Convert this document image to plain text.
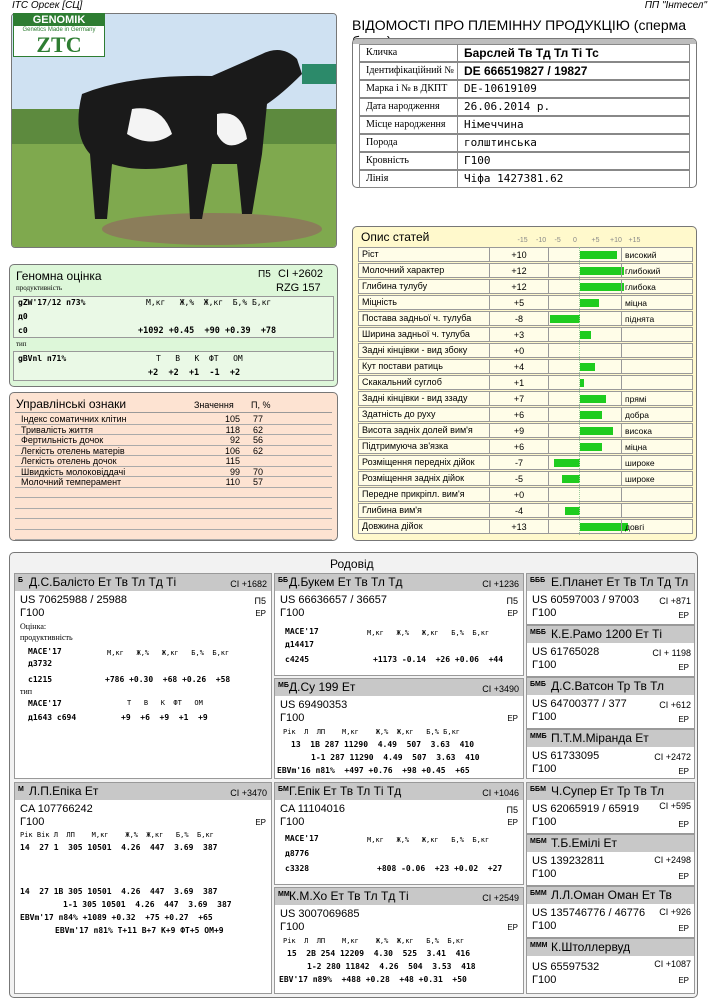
ІТС Орсек [СЦ]	ПП "Інтесел"
GENOMIK
Genetics Made in Germany
ZTC
ВІДОМОСТІ ПРО ПЛЕМІННУ ПРОДУКЦІЮ (сперма
Кличка	Барслей Тв Тд Тл Ті Тс
Ідентифікаційний № DE 666519827 / 19827
Марка і № в ДКПТ	DE-10619109
Дата народження	26.06.2014 р.
Місце народження	Німеччина
Порода	голштинська
Кровність	Г100
Лінія	Чіфа 1427381.62
Геномна оцінка	П5 CI +2602
продуктивність	RZG 157
gZW'17/12 п73%	М,кг   Ж,%  Ж,кг  Б,% Б,кг
д0
с0	+1092 +0.45  +90 +0.39  +78
тип
gBVnl п71%	Т   В   К  ФТ   ОМ
+2  +2  +1  -1  +2
Управлінські ознаки	Значення П, %
Індекс соматичних клітин	105 77
Тривалість життя	118 62
Фертильність дочок	92 56
Легкість отелень матерів	106 62
Легкість отелень дочок	115
Швидкість молоковіддачі	99 70
Молочний темперамент	110 57
Опис статей	-15 -10 -5 0 +5 +10 +15
Ріст	+10	високий
Молочний характер	+12	глибокий
Глибина тулубу	+12	глибока
Міцність	+5	міцна
Постава задньої ч. тулуба	-8	піднята
Ширина задньої ч. тулуба	+3
Задні кінцівки - вид збоку	+0
Кут постави ратиць	+4
Скакальний суглоб	+1
Задні кінцівки - вид ззаду	+7	прямі
Здатність до руху	+6	добра
Висота задніх долей вим'я	+9	висока
Підтримуюча зв'язка	+6	міцна
Розміщення передніх дійок	-7	широке
Розміщення задніх дійок	-5	широке
Передне прикріпл. вим'я	+0
Глибина вим'я	-4
Довжина дійок	+13	довгі
Родовід
Б Д.С.Балісто Ет Тв Тл Тд Ті	CI +1682
US 70625988 / 25988	П5
Г100	ЕР
Оцінка:
продуктивність
MACE'17	М,кг   Ж,%   Ж,кг   Б,%  Б,кг
д3732
с1215	+786 +0.30  +68 +0.26  +58
тип
MACE'17	Т   В   К  ФТ   ОМ
д1643 с694	+9  +6  +9  +1  +9
ББ Д.Букем Ет Тв Тл Тд	CI +1236
US 66636657 / 36657	П5
Г100	ЕР
MACE'17	М,кг   Ж,%   Ж,кг   Б,%  Б,кг
д14417
с4245	+1173 -0.14  +26 +0.06  +44
МБ Д.Су 199 Ет	CI +3490
US 69490353
Г100	ЕР
Рік  Л  ЛП    М,кг    Ж,%  Ж,кг   Б,% Б,кг
13  1В 287 11290  4.49  507  3.63  410
1-1 287 11290  4.49  507  3.63  410
EBVm'16 п81%  +497 +0.76  +98 +0.45  +65
БББ Е.Планет Ет Тв Тл Тд Тл
US 60597003 / 97003 CI +871
Г100	ЕР
МББ К.Е.Рамо 1200 Ет Ті
US 61765028	CI + 1198
Г100	ЕР
БМБ Д.С.Ватсон Тр Тв Тл
US 64700377 / 377	CI +612
Г100	ЕР
ММБ П.Т.М.Міранда Ет
US 61733095	CI +2472
Г100	ЕР
М Л.П.Епіка Ет	CI +3470
CA 107766242
Г100	ЕР
Рік Вік Л  ЛП    М,кг    Ж,%  Ж,кг   Б,%  Б,кг
14  27 1  305 10501  4.26  447  3.69  387
14  27 1В 305 10501  4.26  447  3.69  387
1-1 305 10501  4.26  447  3.69  387
EBVm'17 п84% +1089 +0.32  +75 +0.27  +65
EBVm'17 п81% Т+11 В+7 К+9 ФТ+5 ОМ+9
БМ Г.Епік Ет Тв Тл Ті Тд	CI +1046
CA 11104016	П5
Г100	ЕР
MACE'17	М,кг   Ж,%   Ж,кг   Б,%  Б,кг
д8776
с3328	+808 -0.06  +23 +0.02  +27
ММ К.М.Хо Ет Тв Тл Тд Ті	CI +2549
US 3007069685
Г100	ЕР
Рік  Л  ЛП    М,кг    Ж,%  Ж,кг   Б,%  Б,кг
15  2В 254 12209  4.30  525  3.41  416
1-2 280 11842  4.26  504  3.53  418
EBV'17 п89%  +488 +0.28  +48 +0.31  +50
ББМ Ч.Супер Ет Тр Тв Тл
US 62065919 / 65919 CI +595
Г100	ЕР
МБМ Т.Б.Емілі Ет
US 139232811	CI +2498
Г100	ЕР
БММ Л.Л.Оман Оман Ет Тв
US 135746776 / 46776 CI +926
Г100	ЕР
МММ К.Штоллервуд
US 65597532	CI +1087
Г100	ЕР
